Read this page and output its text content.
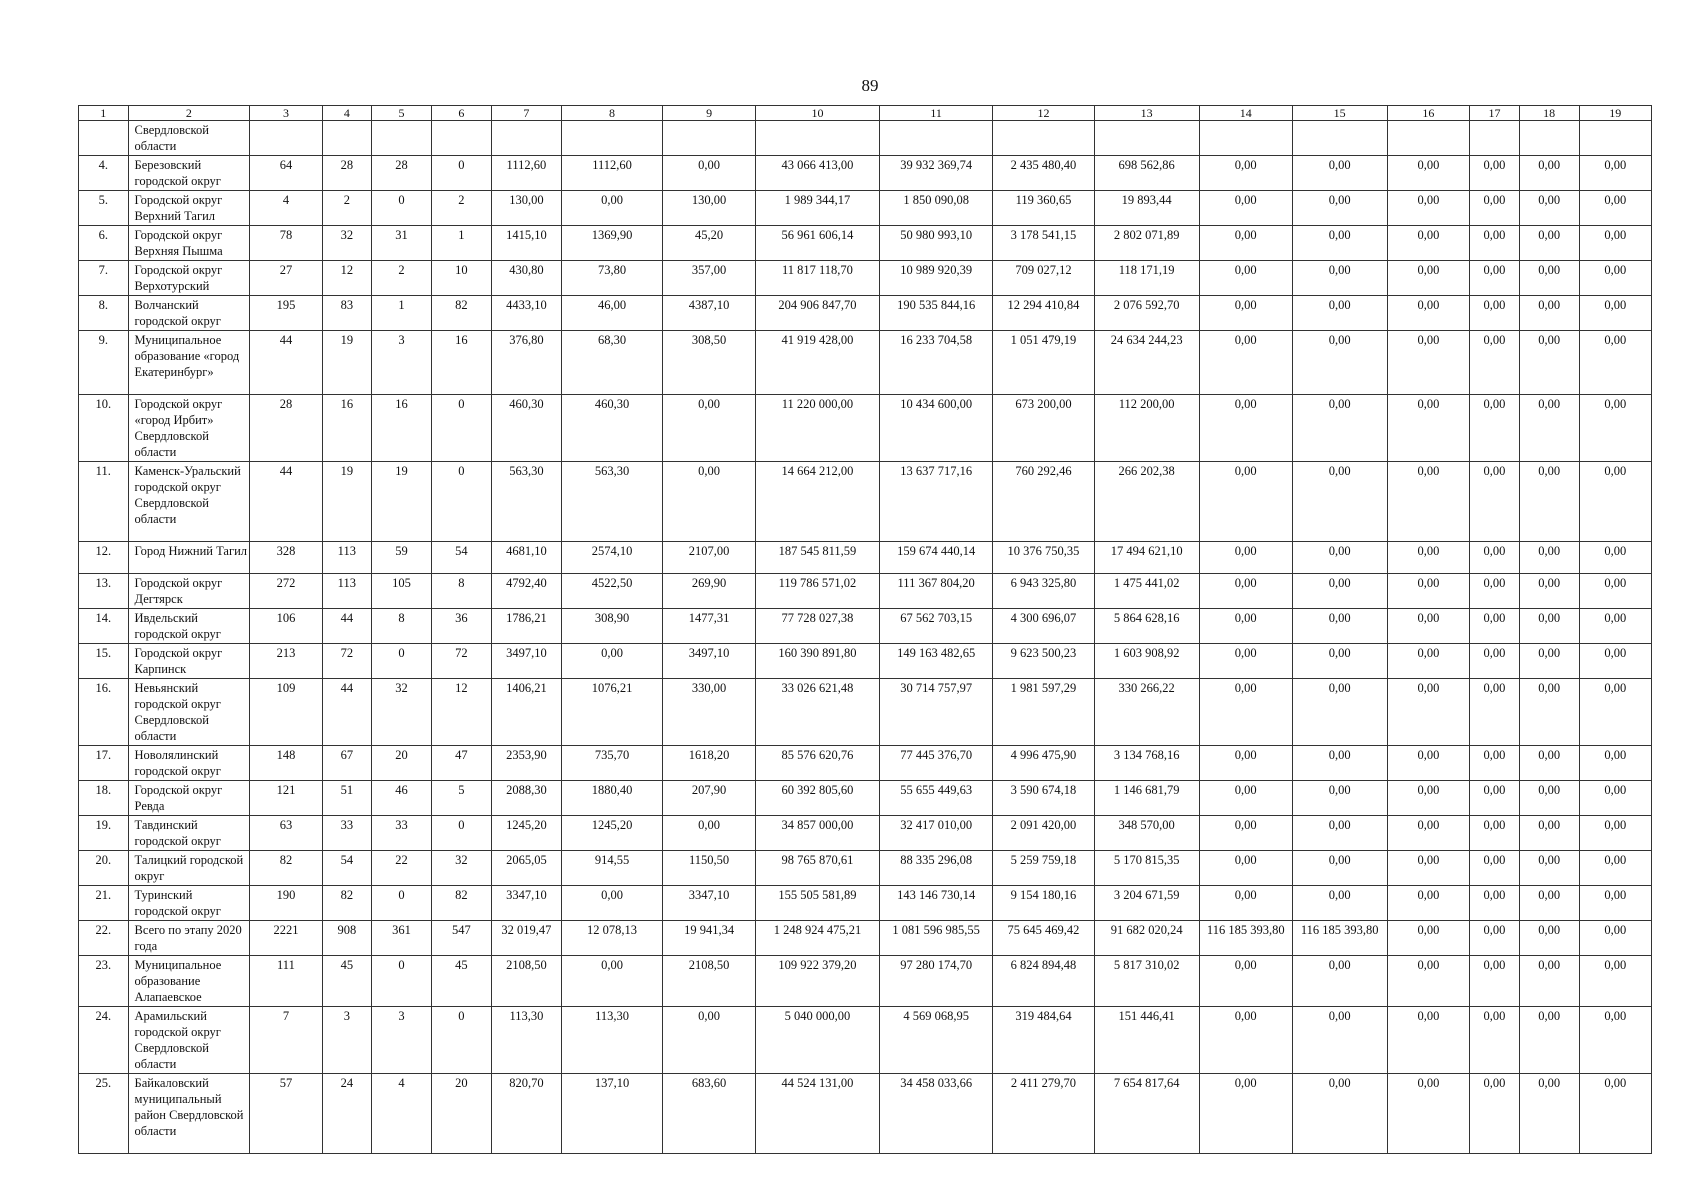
89
1	2	3	4	5	6	7	8	9	10	11	12	13	14	15	16	17	18	19
	Свердловской области																	
4.	Березовский городской округ	64	28	28	0	1112,60	1112,60	0,00	43 066 413,00	39 932 369,74	2 435 480,40	698 562,86	0,00	0,00	0,00	0,00	0,00	0,00
5.	Городской округ Верхний Тагил	4	2	0	2	130,00	0,00	130,00	1 989 344,17	1 850 090,08	119 360,65	19 893,44	0,00	0,00	0,00	0,00	0,00	0,00
6.	Городской округ Верхняя Пышма	78	32	31	1	1415,10	1369,90	45,20	56 961 606,14	50 980 993,10	3 178 541,15	2 802 071,89	0,00	0,00	0,00	0,00	0,00	0,00
7.	Городской округ Верхотурский	27	12	2	10	430,80	73,80	357,00	11 817 118,70	10 989 920,39	709 027,12	118 171,19	0,00	0,00	0,00	0,00	0,00	0,00
8.	Волчанский городской округ	195	83	1	82	4433,10	46,00	4387,10	204 906 847,70	190 535 844,16	12 294 410,84	2 076 592,70	0,00	0,00	0,00	0,00	0,00	0,00
9.	Муниципальное образование «город Екатеринбург»	44	19	3	16	376,80	68,30	308,50	41 919 428,00	16 233 704,58	1 051 479,19	24 634 244,23	0,00	0,00	0,00	0,00	0,00	0,00
10.	Городской округ «город Ирбит» Свердловской области	28	16	16	0	460,30	460,30	0,00	11 220 000,00	10 434 600,00	673 200,00	112 200,00	0,00	0,00	0,00	0,00	0,00	0,00
11.	Каменск-Уральский городской округ Свердловской области	44	19	19	0	563,30	563,30	0,00	14 664 212,00	13 637 717,16	760 292,46	266 202,38	0,00	0,00	0,00	0,00	0,00	0,00
12.	Город Нижний Тагил	328	113	59	54	4681,10	2574,10	2107,00	187 545 811,59	159 674 440,14	10 376 750,35	17 494 621,10	0,00	0,00	0,00	0,00	0,00	0,00
13.	Городской округ Дегтярск	272	113	105	8	4792,40	4522,50	269,90	119 786 571,02	111 367 804,20	6 943 325,80	1 475 441,02	0,00	0,00	0,00	0,00	0,00	0,00
14.	Ивдельский городской округ	106	44	8	36	1786,21	308,90	1477,31	77 728 027,38	67 562 703,15	4 300 696,07	5 864 628,16	0,00	0,00	0,00	0,00	0,00	0,00
15.	Городской округ Карпинск	213	72	0	72	3497,10	0,00	3497,10	160 390 891,80	149 163 482,65	9 623 500,23	1 603 908,92	0,00	0,00	0,00	0,00	0,00	0,00
16.	Невьянский городской округ Свердловской области	109	44	32	12	1406,21	1076,21	330,00	33 026 621,48	30 714 757,97	1 981 597,29	330 266,22	0,00	0,00	0,00	0,00	0,00	0,00
17.	Новолялинский городской округ	148	67	20	47	2353,90	735,70	1618,20	85 576 620,76	77 445 376,70	4 996 475,90	3 134 768,16	0,00	0,00	0,00	0,00	0,00	0,00
18.	Городской округ Ревда	121	51	46	5	2088,30	1880,40	207,90	60 392 805,60	55 655 449,63	3 590 674,18	1 146 681,79	0,00	0,00	0,00	0,00	0,00	0,00
19.	Тавдинский городской округ	63	33	33	0	1245,20	1245,20	0,00	34 857 000,00	32 417 010,00	2 091 420,00	348 570,00	0,00	0,00	0,00	0,00	0,00	0,00
20.	Талицкий городской округ	82	54	22	32	2065,05	914,55	1150,50	98 765 870,61	88 335 296,08	5 259 759,18	5 170 815,35	0,00	0,00	0,00	0,00	0,00	0,00
21.	Туринский городской округ	190	82	0	82	3347,10	0,00	3347,10	155 505 581,89	143 146 730,14	9 154 180,16	3 204 671,59	0,00	0,00	0,00	0,00	0,00	0,00
22.	Всего по этапу 2020 года	2221	908	361	547	32 019,47	12 078,13	19 941,34	1 248 924 475,21	1 081 596 985,55	75 645 469,42	91 682 020,24	116 185 393,80	116 185 393,80	0,00	0,00	0,00	0,00
23.	Муниципальное образование Алапаевское	111	45	0	45	2108,50	0,00	2108,50	109 922 379,20	97 280 174,70	6 824 894,48	5 817 310,02	0,00	0,00	0,00	0,00	0,00	0,00
24.	Арамильский городской округ Свердловской области	7	3	3	0	113,30	113,30	0,00	5 040 000,00	4 569 068,95	319 484,64	151 446,41	0,00	0,00	0,00	0,00	0,00	0,00
25.	Байкаловский муниципальный район Свердловской области	57	24	4	20	820,70	137,10	683,60	44 524 131,00	34 458 033,66	2 411 279,70	7 654 817,64	0,00	0,00	0,00	0,00	0,00	0,00
